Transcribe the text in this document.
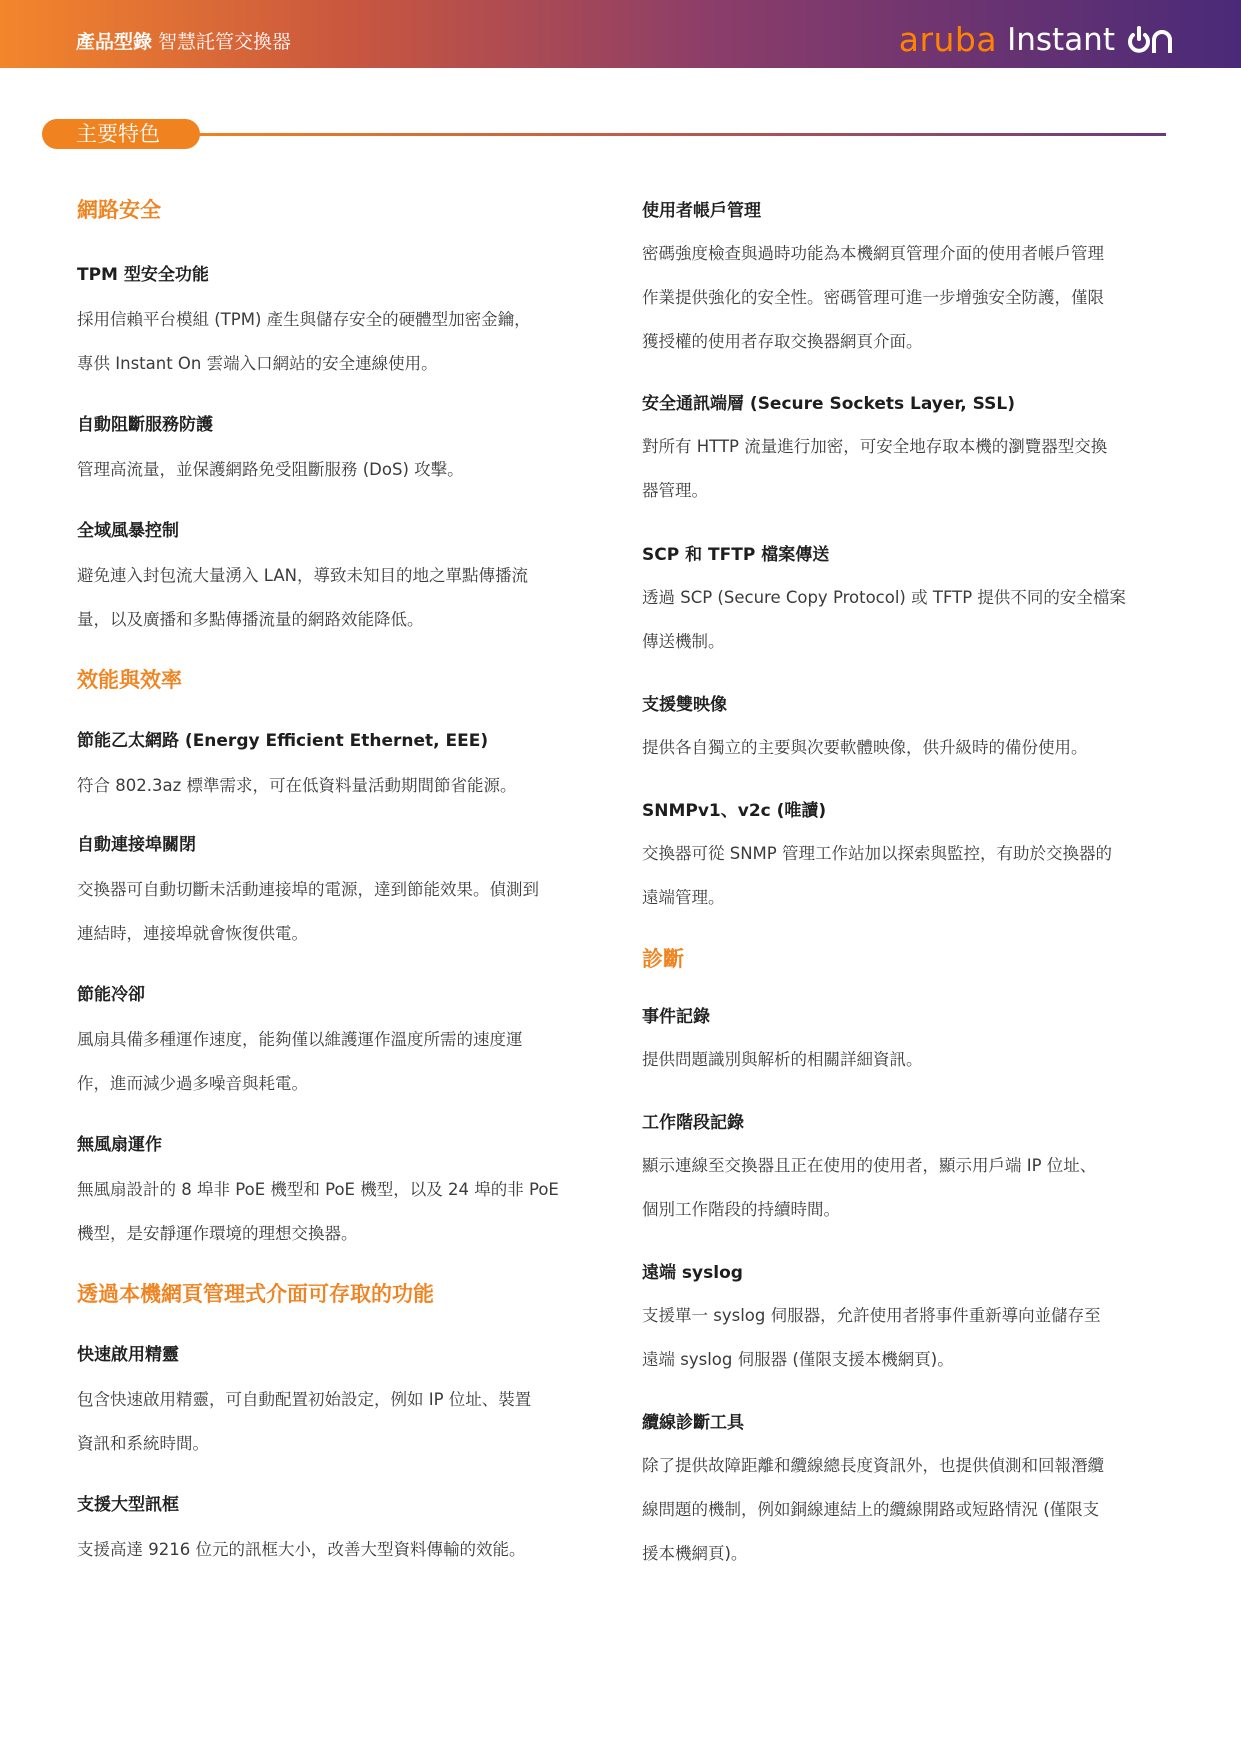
產品型錄 智慧託管交換器	aruba Instant
主要特色
網路安全
TPM 型安全功能

採用信賴平台模組 (TPM) 產生與儲存安全的硬體型加密金鑰，

專供 Instant On 雲端入口網站的安全連線使用。

自動阻斷服務防護

管理高流量，並保護網路免受阻斷服務 (DoS) 攻擊。

全域風暴控制

避免連入封包流大量湧入 LAN，導致未知目的地之單點傳播流

量，以及廣播和多點傳播流量的網路效能降低。

效能與效率
節能乙太網路 (Energy Efficient Ethernet, EEE)

符合 802.3az 標準需求，可在低資料量活動期間節省能源。

自動連接埠關閉

交換器可自動切斷未活動連接埠的電源，達到節能效果。偵測到

連結時，連接埠就會恢復供電。

節能冷卻

風扇具備多種運作速度，能夠僅以維護運作溫度所需的速度運

作，進而減少過多噪音與耗電。

無風扇運作

無風扇設計的 8 埠非 PoE 機型和 PoE 機型，以及 24 埠的非 PoE

機型，是安靜運作環境的理想交換器。

透過本機網頁管理式介面可存取的功能
快速啟用精靈

包含快速啟用精靈，可自動配置初始設定，例如 IP 位址、裝置

資訊和系統時間。

支援大型訊框

支援高達 9216 位元的訊框大小，改善大型資料傳輸的效能。

使用者帳戶管理

密碼強度檢查與過時功能為本機網頁管理介面的使用者帳戶管理

作業提供強化的安全性。密碼管理可進一步增強安全防護，僅限

獲授權的使用者存取交換器網頁介面。

安全通訊端層 (Secure Sockets Layer, SSL)

對所有 HTTP 流量進行加密，可安全地存取本機的瀏覽器型交換

器管理。

SCP 和 TFTP 檔案傳送

透過 SCP (Secure Copy Protocol) 或 TFTP 提供不同的安全檔案

傳送機制。

支援雙映像

提供各自獨立的主要與次要軟體映像，供升級時的備份使用。

SNMPv1、v2c (唯讀)

交換器可從 SNMP 管理工作站加以探索與監控，有助於交換器的

遠端管理。

診斷
事件記錄

提供問題識別與解析的相關詳細資訊。

工作階段記錄

顯示連線至交換器且正在使用的使用者，顯示用戶端 IP 位址、

個別工作階段的持續時間。

遠端 syslog

支援單一 syslog 伺服器，允許使用者將事件重新導向並儲存至

遠端 syslog 伺服器 (僅限支援本機網頁)。

纜線診斷工具

除了提供故障距離和纜線總長度資訊外，也提供偵測和回報潛纜

線問題的機制，例如銅線連結上的纜線開路或短路情況 (僅限支

援本機網頁)。
